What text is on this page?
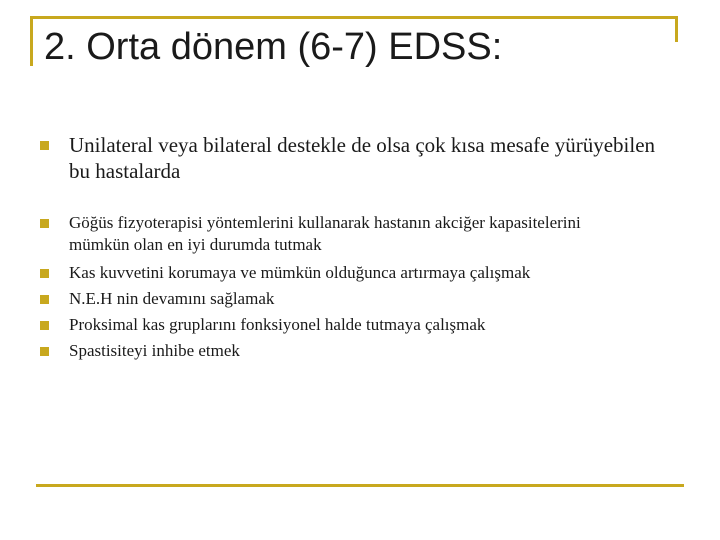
2. Orta dönem (6-7) EDSS:
Unilateral veya bilateral destekle de olsa çok kısa mesafe yürüyebilen bu hastalarda
Göğüs fizyoterapisi yöntemlerini kullanarak hastanın akciğer kapasitelerini
mümkün olan en iyi durumda tutmak
Kas kuvvetini korumaya ve mümkün olduğunca artırmaya çalışmak
N.E.H nin devamını sağlamak
Proksimal kas gruplarını fonksiyonel halde tutmaya çalışmak
Spastisiteyi inhibe etmek
